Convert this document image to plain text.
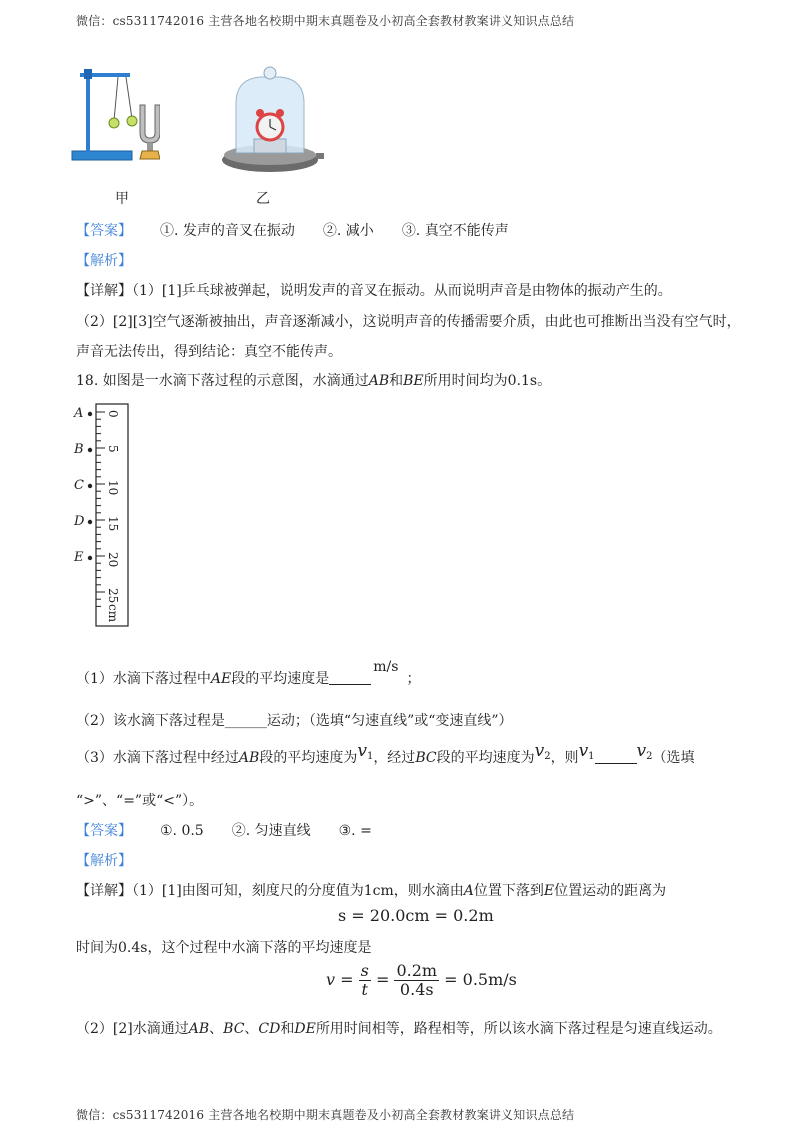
微信：cs5311742016 主营各地名校期中期末真题卷及小初高全套教材教案讲义知识点总结
甲	乙
【答案】 ①. 发声的音叉在振动 ②. 减小 ③. 真空不能传声
【解析】
【详解】（1）[1]乒乓球被弹起，说明发声的音叉在振动。从而说明声音是由物体的振动产生的。
（2）[2][3]空气逐渐被抽出，声音逐渐减小，这说明声音的传播需要介质，由此也可推断出当没有空气时，
声音无法传出，得到结论：真空不能传声。
18. 如图是一水滴下落过程的示意图，水滴通过AB和BE所用时间均为0.1s。
A
B
C
D
E
0
5
10
15
20
25
cm
（1）水滴下落过程中AE段的平均速度是m/s；
（2）该水滴下落过程是______运动；（选填“匀速直线”或“变速直线”）
（3）水滴下落过程中经过AB段的平均速度为$v_1$，经过BC段的平均速度为$v_2$，则$v_1$ $v_2$（选填
“>”、“=”或“<”）。
【答案】 ①. 0.5 ②. 匀速直线 ③. =
【解析】
【详解】（1）[1]由图可知，刻度尺的分度值为1cm，则水滴由A位置下落到E位置运动的距离为
s = 20.0cm = 0.2m
时间为0.4s，这个过程中水滴下落的平均速度是
$v = \frac{s}{t} = \frac{0.2m}{0.4s} = 0.5m/s$
（2）[2]水滴通过AB、BC、CD和DE所用时间相等，路程相等，所以该水滴下落过程是匀速直线运动。
微信：cs5311742016 主营各地名校期中期末真题卷及小初高全套教材教案讲义知识点总结
